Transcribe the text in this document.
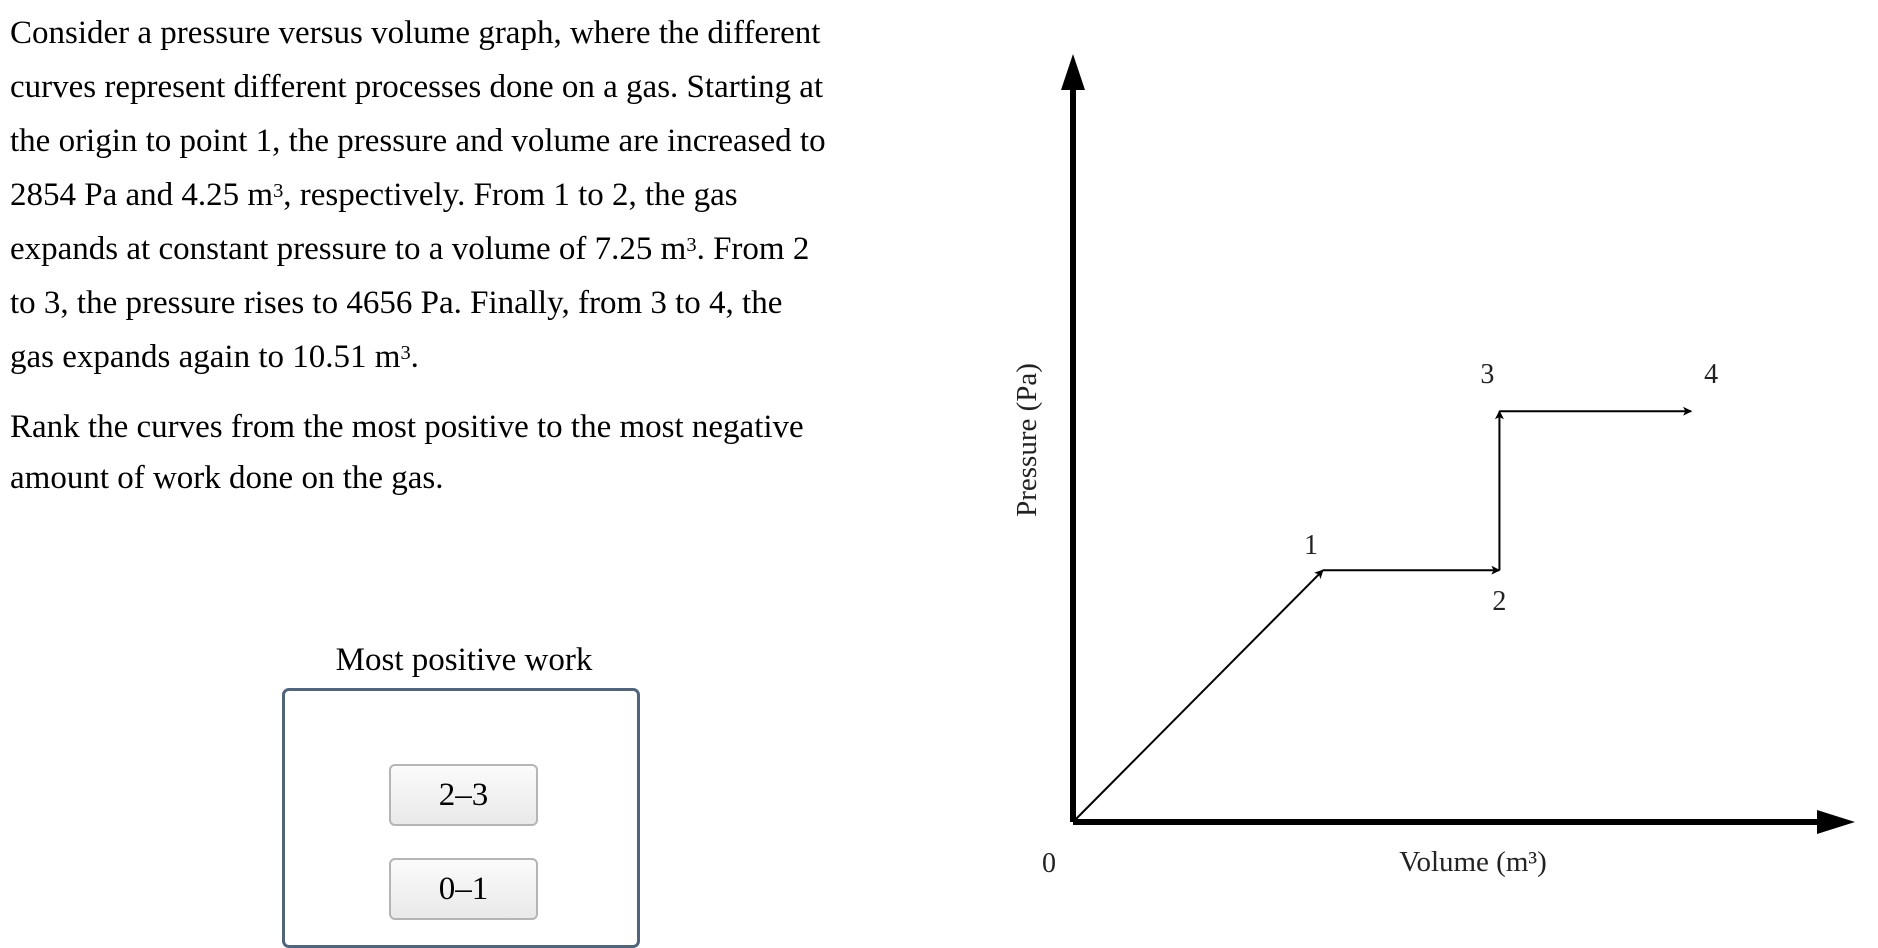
Consider a pressure versus volume graph, where the different
curves represent different processes done on a gas. Starting at
the origin to point 1, the pressure and volume are increased to
2854 Pa and 4.25 $m^3$, respectively. From 1 to 2, the gas
expands at constant pressure to a volume of 7.25 $m^3$. From 2
to 3, the pressure rises to 4656 Pa. Finally, from 3 to 4, the
gas expands again to 10.51 $m^3$.

Rank the curves from the most positive to the most negative
amount of work done on the gas.

Most positive work
2–3
0–1
0	Volume (m³)
Pressure (Pa)
1
2
3	4
